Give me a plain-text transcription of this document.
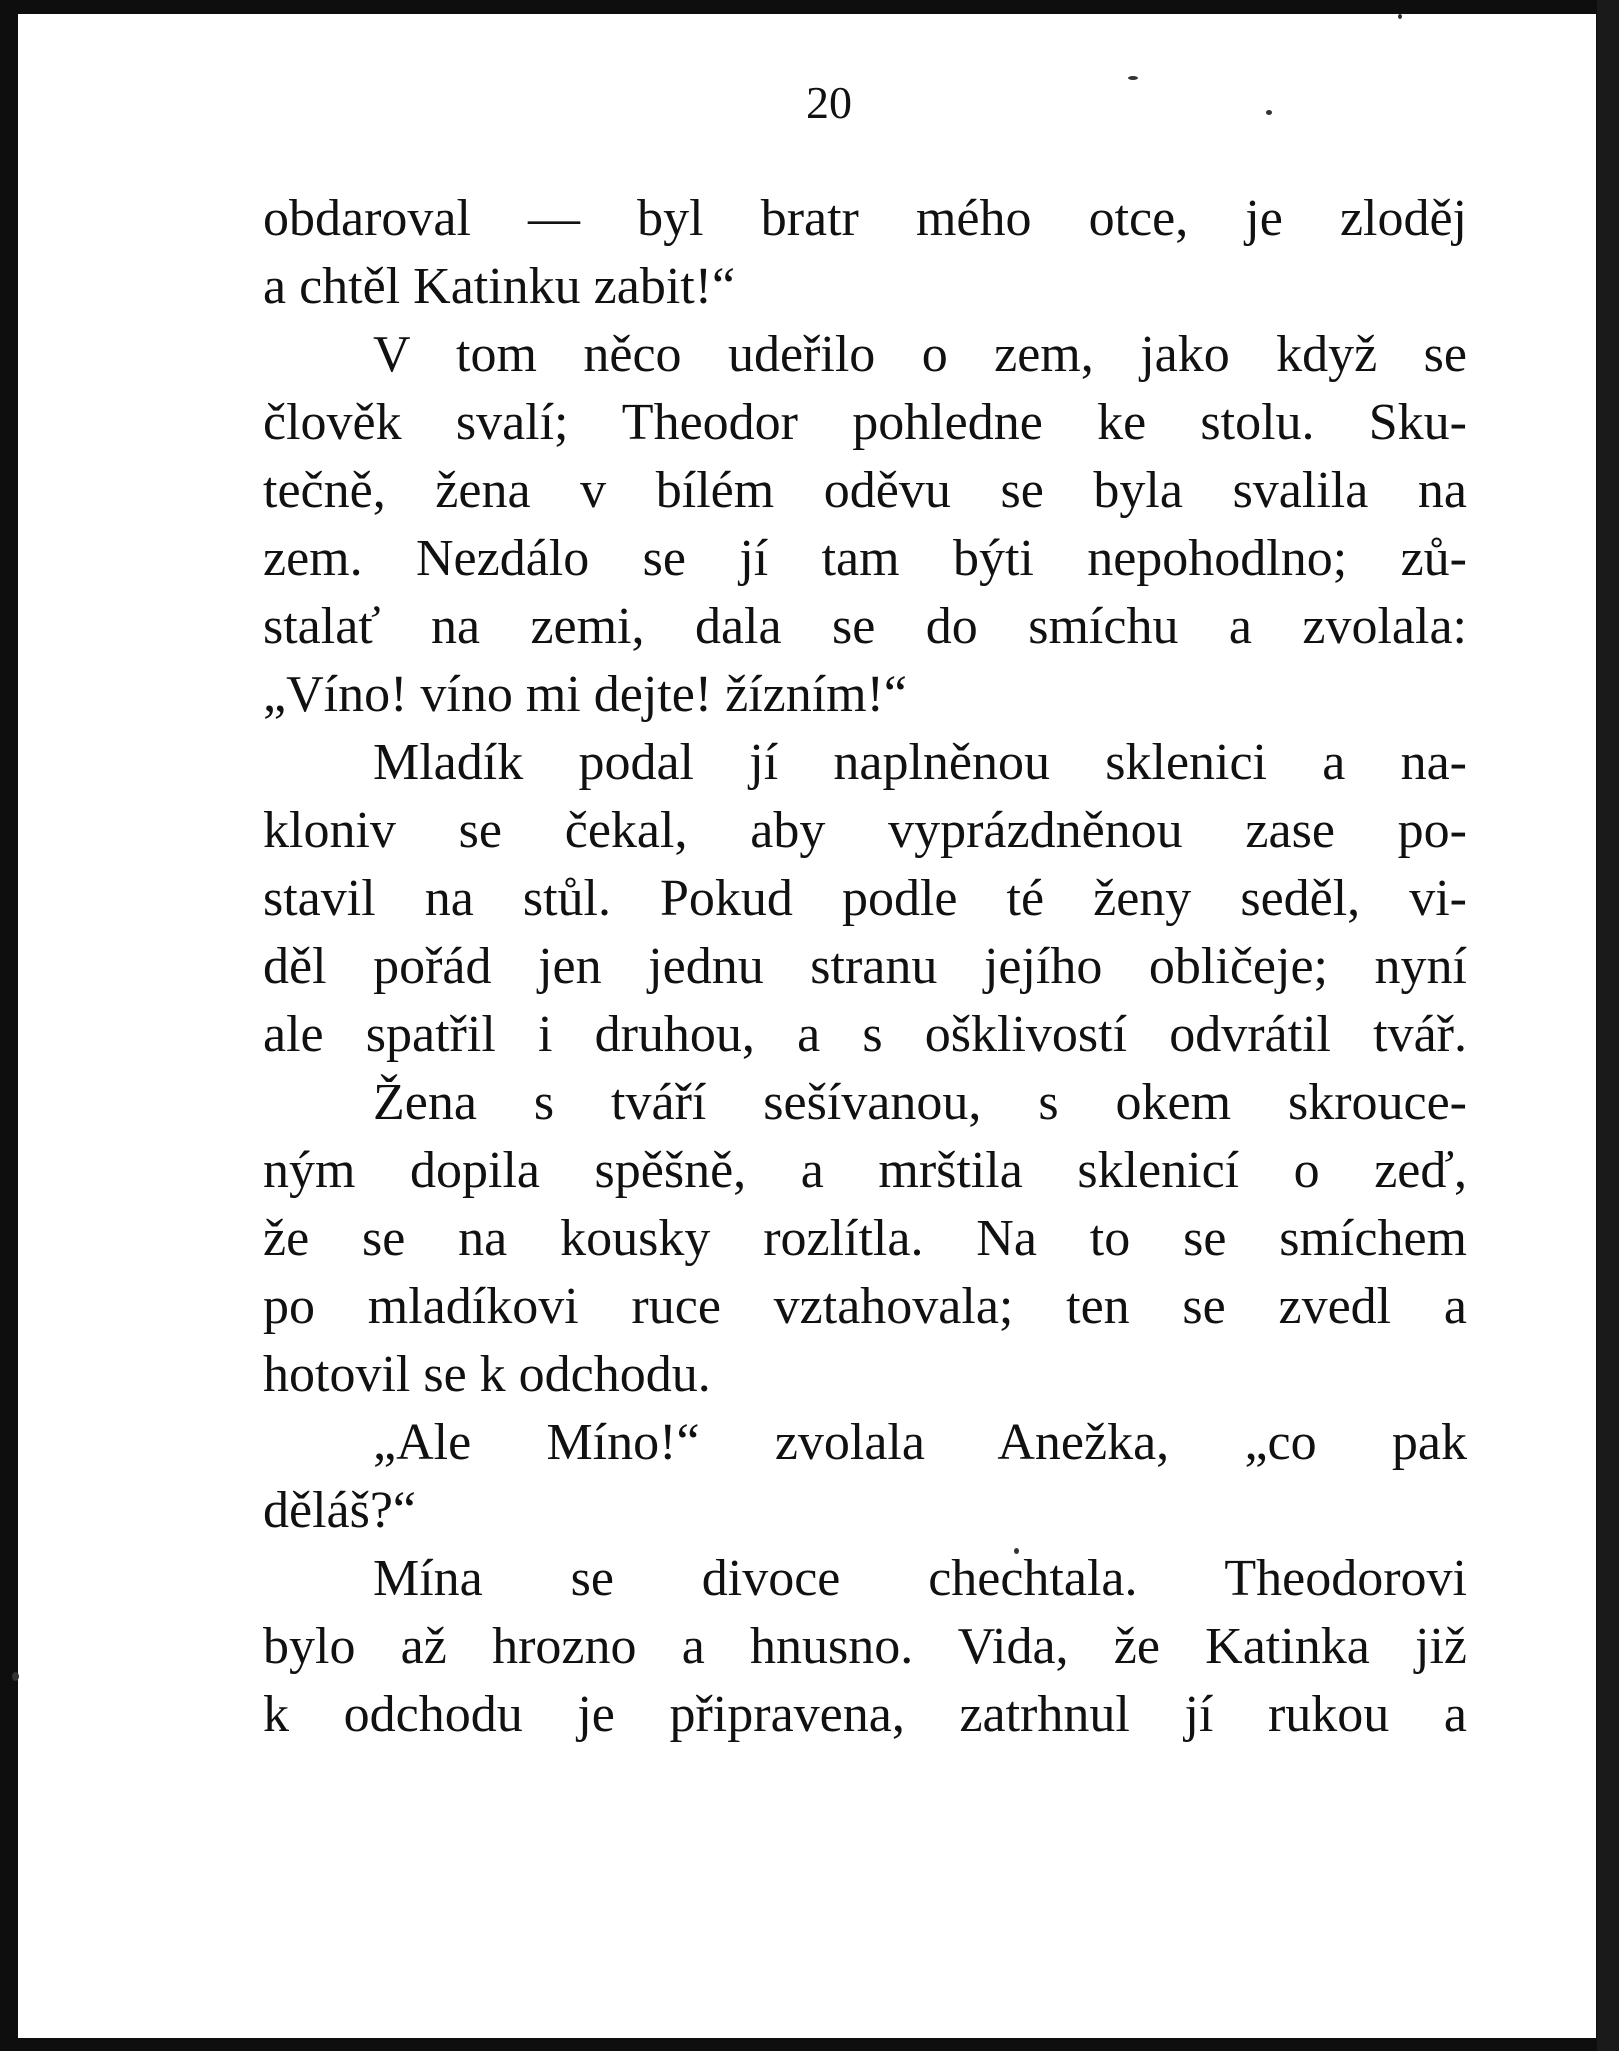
20
obdaroval — byl bratr mého otce, je zloděj
a chtěl Katinku zabit!“
V tom něco udeřilo o zem, jako když se
člověk svalí; Theodor pohledne ke stolu. Sku-
tečně, žena v bílém oděvu se byla svalila na
zem. Nezdálo se jí tam býti nepohodlno; zů-
stalať na zemi, dala se do smíchu a zvolala:
„Víno! víno mi dejte! žízním!“
Mladík podal jí naplněnou sklenici a na-
kloniv se čekal, aby vyprázdněnou zase po-
stavil na stůl. Pokud podle té ženy seděl, vi-
děl pořád jen jednu stranu jejího obličeje; nyní
ale spatřil i druhou, a s ošklivostí odvrátil tvář.
Žena s tváří sešívanou, s okem skrouce-
ným dopila spěšně, a mrštila sklenicí o zeď,
že se na kousky rozlítla. Na to se smíchem
po mladíkovi ruce vztahovala; ten se zvedl a
hotovil se k odchodu.
„Ale Míno!“ zvolala Anežka, „co pak
děláš?“
Mína se divoce chechtala. Theodorovi
bylo až hrozno a hnusno. Vida, že Katinka již
k odchodu je připravena, zatrhnul jí rukou a
